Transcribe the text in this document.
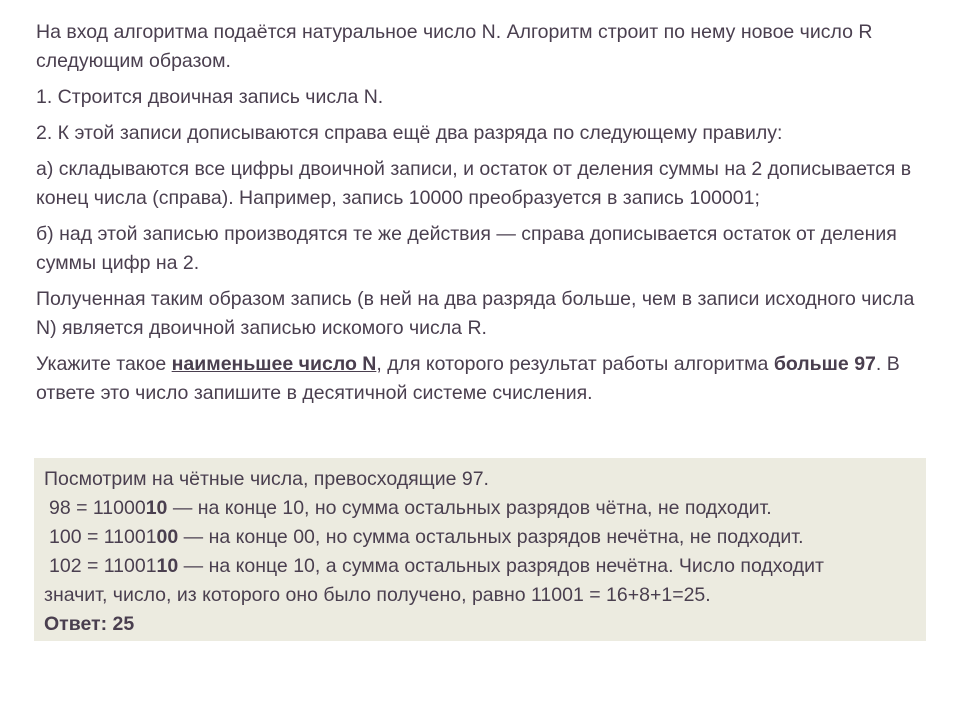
На вход алгоритма подаётся натуральное число N. Алгоритм строит по нему новое число R следующим образом.

1. Строится двоичная запись числа N.

2. К этой записи дописываются справа ещё два разряда по следующему правилу:

а) складываются все цифры двоичной записи, и остаток от деления суммы на 2 дописывается в конец числа (справа). Например, запись 10000 преобразуется в запись 100001;

б) над этой записью производятся те же действия — справа дописывается остаток от деления суммы цифр на 2.

Полученная таким образом запись (в ней на два разряда больше, чем в записи исходного числа N) является двоичной записью искомого числа R.

Укажите такое наименьшее число N, для которого результат работы алгоритма больше 97. В ответе это число запишите в десятичной системе счисления.

Посмотрим на чётные числа, превосходящие 97.
98 = 1100010 — на конце 10, но сумма остальных разрядов чётна, не подходит.
100 = 1100100 — на конце 00, но сумма остальных разрядов нечётна, не подходит.
102 = 1100110 — на конце 10, а сумма остальных разрядов нечётна. Число подходит
значит, число, из которого оно было получено, равно 11001 = 16+8+1=25.
Ответ: 25
